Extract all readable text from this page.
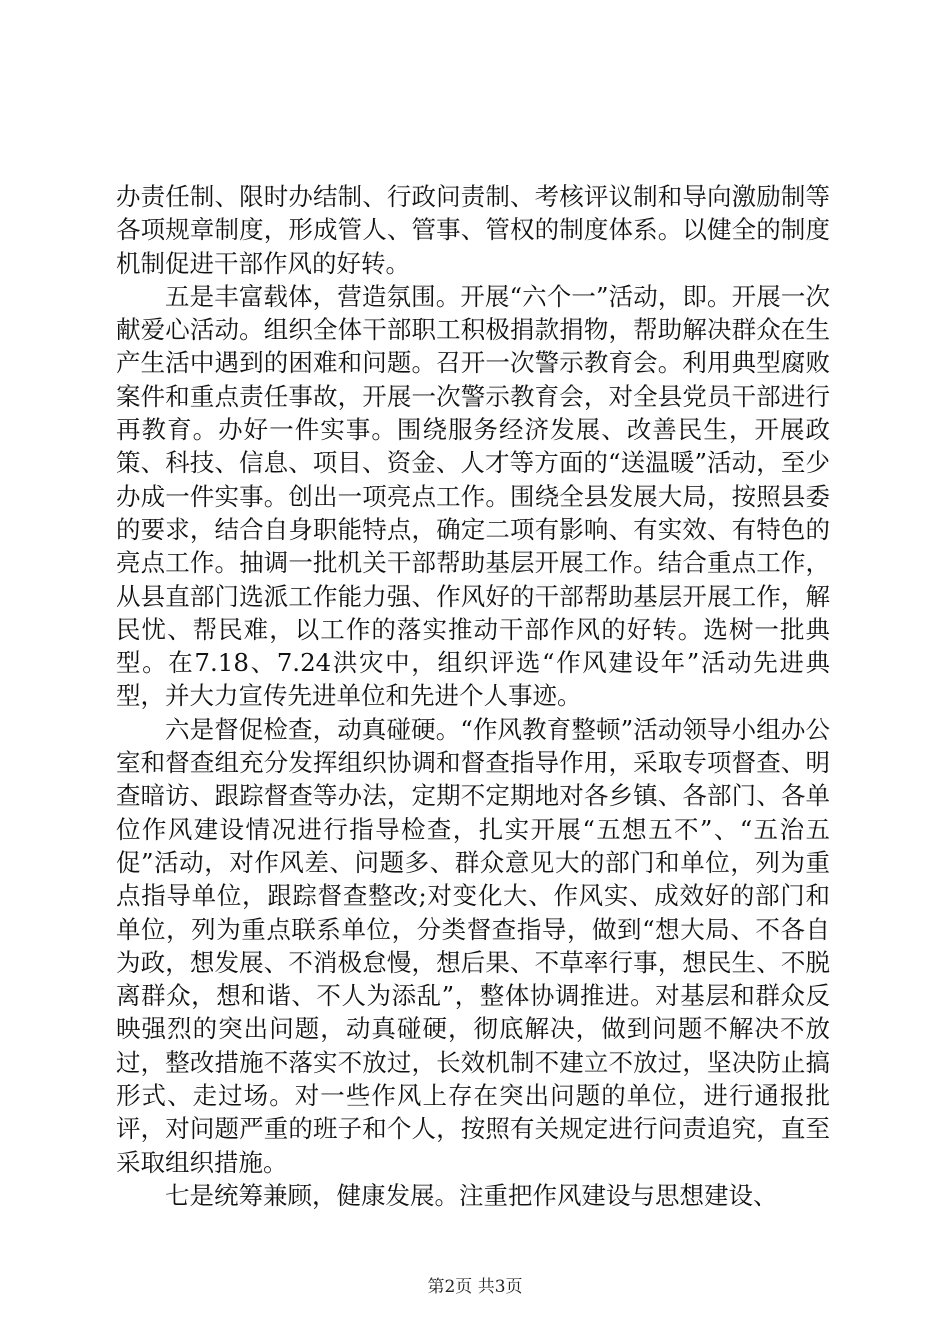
办责任制、限时办结制、行政问责制、考核评议制和导向激励制等各项规章制度，形成管人、管事、管权的制度体系。以健全的制度机制促进干部作风的好转。

五是丰富载体，营造氛围。开展“六个一”活动，即。开展一次献爱心活动。组织全体干部职工积极捐款捐物，帮助解决群众在生产生活中遇到的困难和问题。召开一次警示教育会。利用典型腐败案件和重点责任事故，开展一次警示教育会，对全县党员干部进行再教育。办好一件实事。围绕服务经济发展、改善民生，开展政策、科技、信息、项目、资金、人才等方面的“送温暖”活动，至少办成一件实事。创出一项亮点工作。围绕全县发展大局，按照县委的要求，结合自身职能特点，确定二项有影响、有实效、有特色的亮点工作。抽调一批机关干部帮助基层开展工作。结合重点工作，从县直部门选派工作能力强、作风好的干部帮助基层开展工作，解民忧、帮民难，以工作的落实推动干部作风的好转。选树一批典型。在7.18、7.24洪灾中，组织评选“作风建设年”活动先进典型，并大力宣传先进单位和先进个人事迹。

六是督促检查，动真碰硬。“作风教育整顿”活动领导小组办公室和督查组充分发挥组织协调和督查指导作用，采取专项督查、明查暗访、跟踪督查等办法，定期不定期地对各乡镇、各部门、各单位作风建设情况进行指导检查，扎实开展“五想五不”、“五治五促”活动，对作风差、问题多、群众意见大的部门和单位，列为重点指导单位，跟踪督查整改;对变化大、作风实、成效好的部门和单位，列为重点联系单位，分类督查指导，做到“想大局、不各自为政，想发展、不消极怠慢，想后果、不草率行事，想民生、不脱离群众，想和谐、不人为添乱”，整体协调推进。对基层和群众反映强烈的突出问题，动真碰硬，彻底解决，做到问题不解决不放过，整改措施不落实不放过，长效机制不建立不放过，坚决防止搞形式、走过场。对一些作风上存在突出问题的单位，进行通报批评，对问题严重的班子和个人，按照有关规定进行问责追究，直至采取组织措施。

七是统筹兼顾，健康发展。注重把作风建设与思想建设、

第2页 共3页
